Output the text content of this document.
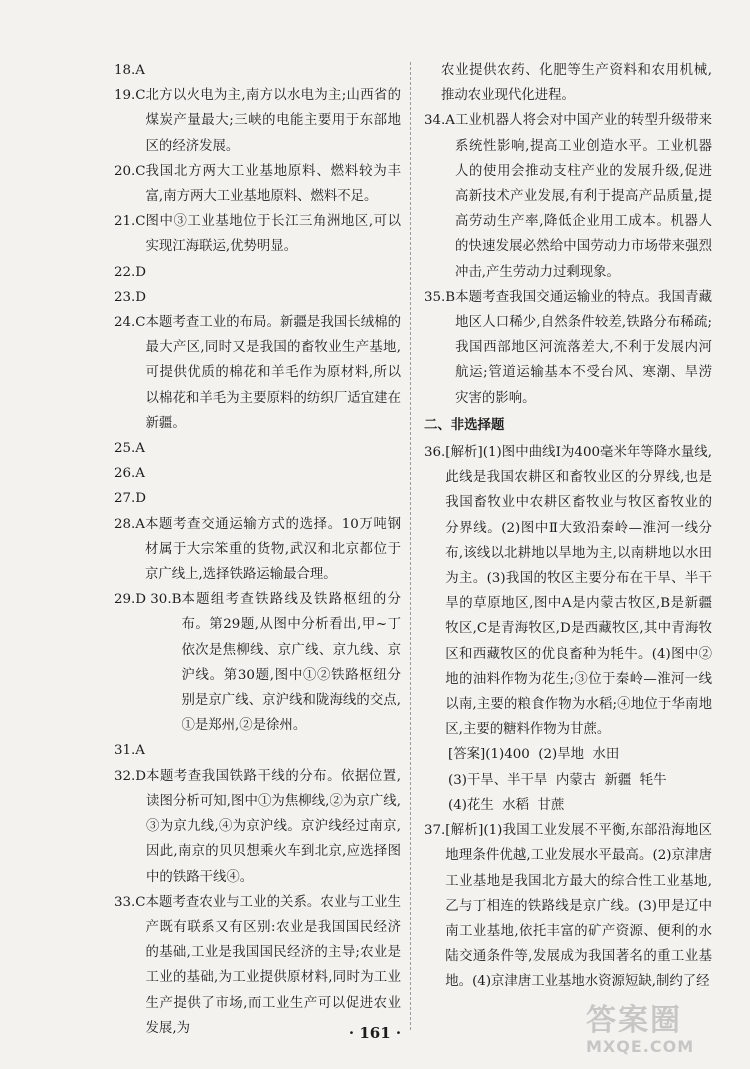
18.A
19.C 北方以火电为主,南方以水电为主;山西省的煤炭产量最大;三峡的电能主要用于东部地区的经济发展。
20.C 我国北方两大工业基地原料、燃料较为丰富,南方两大工业基地原料、燃料不足。
21.C 图中③工业基地位于长江三角洲地区,可以实现江海联运,优势明显。
22.D
23.D
24.C 本题考查工业的布局。新疆是我国长绒棉的最大产区,同时又是我国的畜牧业生产基地,可提供优质的棉花和羊毛作为原材料,所以以棉花和羊毛为主要原料的纺织厂适宜建在新疆。
25.A
26.A
27.D
28.A 本题考查交通运输方式的选择。10万吨钢材属于大宗笨重的货物,武汉和北京都位于京广线上,选择铁路运输最合理。
29.D 30.B 本题组考查铁路线及铁路枢纽的分布。第29题,从图中分析看出,甲~丁依次是焦柳线、京广线、京九线、京沪线。第30题,图中①②铁路枢纽分别是京广线、京沪线和陇海线的交点,①是郑州,②是徐州。
31.A
32.D 本题考查我国铁路干线的分布。依据位置,读图分析可知,图中①为焦柳线,②为京广线,③为京九线,④为京沪线。京沪线经过南京,因此,南京的贝贝想乘火车到北京,应选择图中的铁路干线④。
33.C 本题考查农业与工业的关系。农业与工业生产既有联系又有区别:农业是我国国民经济的基础,工业是我国国民经济的主导;农业是工业的基础,为工业提供原材料,同时为工业生产提供了市场,而工业生产可以促进农业发展,为

农业提供农药、化肥等生产资料和农用机械,推动农业现代化进程。
34.A 工业机器人将会对中国产业的转型升级带来系统性影响,提高工业创造水平。工业机器人的使用会推动支柱产业的发展升级,促进高新技术产业发展,有利于提高产品质量,提高劳动生产率,降低企业用工成本。机器人的快速发展必然给中国劳动力市场带来强烈冲击,产生劳动力过剩现象。
35.B 本题考查我国交通运输业的特点。我国青藏地区人口稀少,自然条件较差,铁路分布稀疏;我国西部地区河流落差大,不利于发展内河航运;管道运输基本不受台风、寒潮、旱涝灾害的影响。
二、非选择题
36. [解析](1)图中曲线Ⅰ为400毫米年等降水量线,此线是我国农耕区和畜牧业区的分界线,也是我国畜牧业中农耕区畜牧业与牧区畜牧业的分界线。(2)图中Ⅱ大致沿秦岭—淮河一线分布,该线以北耕地以旱地为主,以南耕地以水田为主。(3)我国的牧区主要分布在干旱、半干旱的草原地区,图中A是内蒙古牧区,B是新疆牧区,C是青海牧区,D是西藏牧区,其中青海牧区和西藏牧区的优良畜种为牦牛。(4)图中②地的油料作物为花生;③位于秦岭—淮河一线以南,主要的粮食作物为水稻;④地位于华南地区,主要的糖料作物为甘蔗。
[答案](1)400  (2)旱地  水田
(3)干旱、半干旱  内蒙古  新疆  牦牛
(4)花生  水稻  甘蔗
37. [解析](1)我国工业发展不平衡,东部沿海地区地理条件优越,工业发展水平最高。(2)京津唐工业基地是我国北方最大的综合性工业基地,乙与丁相连的铁路线是京广线。(3)甲是辽中南工业基地,依托丰富的矿产资源、便利的水陆交通条件等,发展成为我国著名的重工业基地。(4)京津唐工业基地水资源短缺,制约了经
· 161 ·	答案圈
MXQE.COM
